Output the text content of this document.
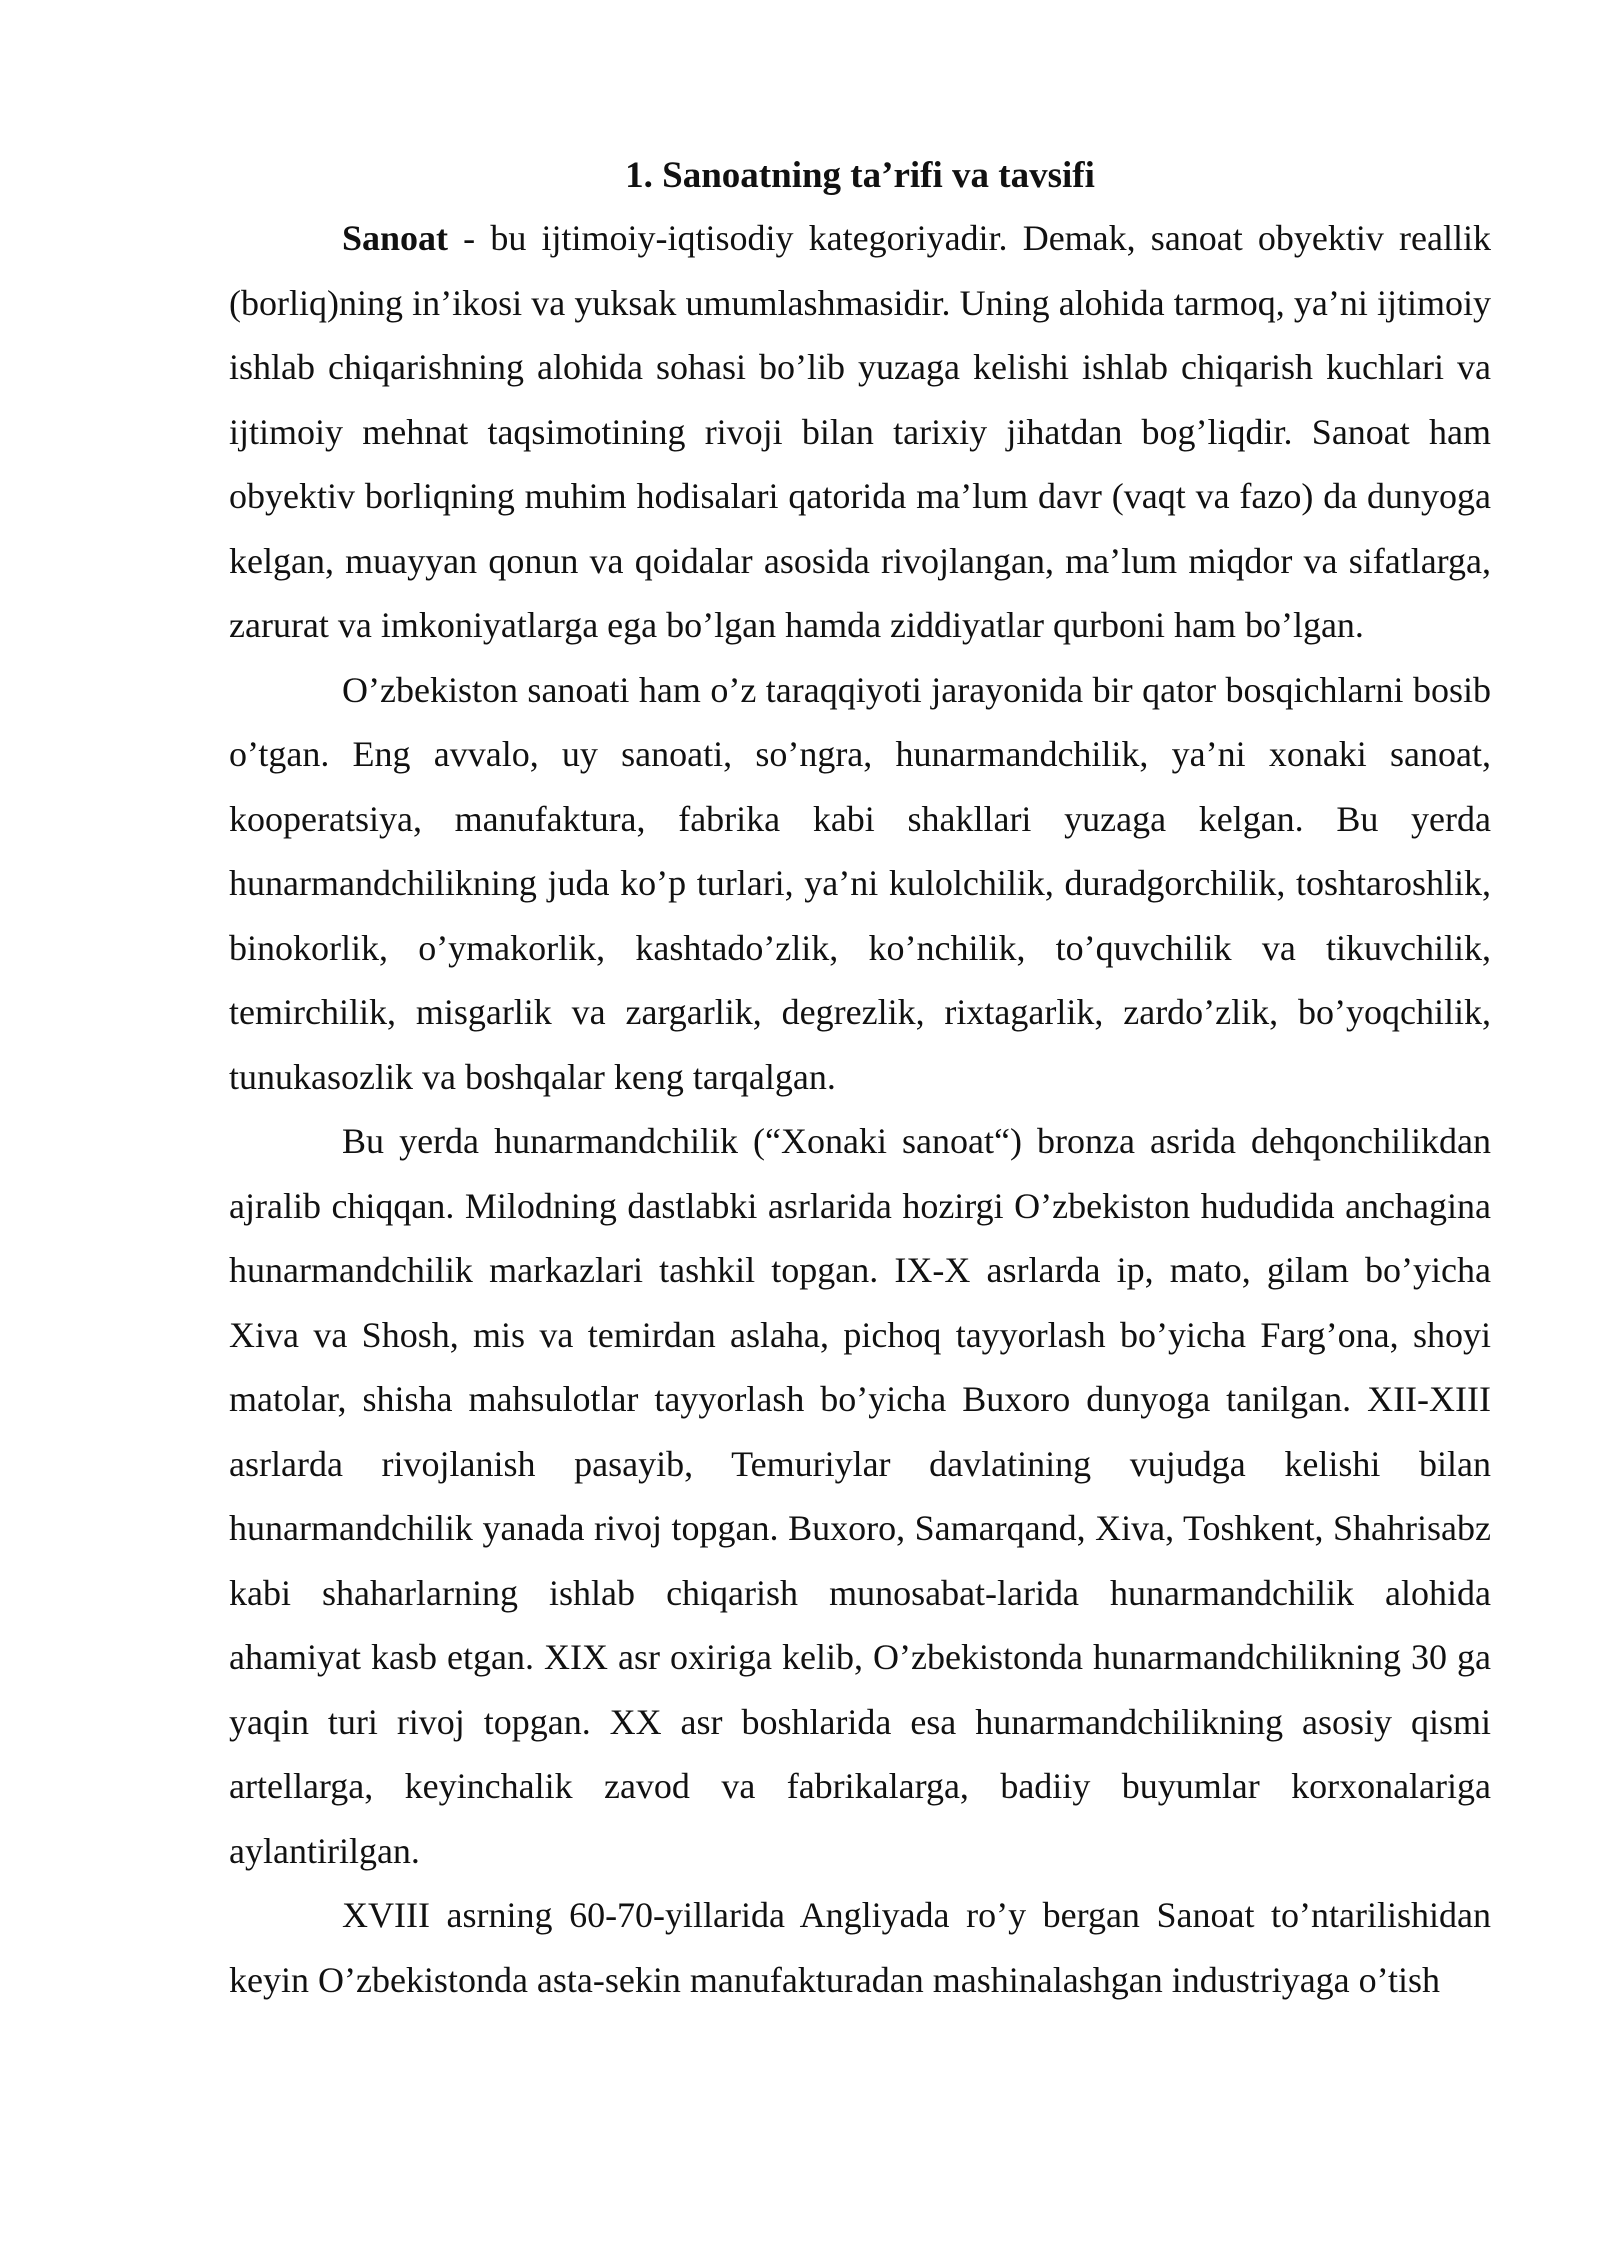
1. Sanoatning ta’rifi va tavsifi

Sanoat - bu ijtimoiy-iqtisodiy kategoriyadir. Demak, sanoat obyektiv reallik (borliq)ning in’ikosi va yuksak umumlashmasidir. Uning alohida tarmoq, ya’ni ijtimoiy ishlab chiqarishning alohida sohasi bo’lib yuzaga kelishi ishlab chiqarish kuchlari va ijtimoiy mehnat taqsimotining rivoji bilan tarixiy jihatdan bog’liqdir. Sanoat ham obyektiv borliqning muhim hodisalari qatorida ma’lum davr (vaqt va fazo) da dunyoga kelgan, muayyan qonun va qoidalar asosida rivojlangan, ma’lum miqdor va sifatlarga, zarurat va imkoniyatlarga ega bo’lgan hamda ziddiyatlar qurboni ham bo’lgan.

O’zbekiston sanoati ham o’z taraqqiyoti jarayonida bir qator bosqichlarni bosib o’tgan. Eng avvalo, uy sanoati, so’ngra, hunarmandchilik, ya’ni xonaki sanoat, kooperatsiya, manufaktura, fabrika kabi shakllari yuzaga kelgan. Bu yerda hunarmandchilikning juda ko’p turlari, ya’ni kulolchilik, duradgorchilik, toshtaroshlik, binokorlik, o’ymakorlik, kashtado’zlik, ko’nchilik, to’quvchilik va tikuvchilik, temirchilik, misgarlik va zargarlik, degrezlik, rixtagarlik, zardo’zlik, bo’yoqchilik, tunukasozlik va boshqalar keng tarqalgan.

Bu yerda hunarmandchilik (“Xonaki sanoat“) bronza asrida dehqonchilikdan ajralib chiqqan. Milodning dastlabki asrlarida hozirgi O’zbekiston hududida anchagina hunarmandchilik markazlari tashkil topgan. IX-X asrlarda ip, mato, gilam bo’yicha Xiva va Shosh, mis va temirdan aslaha, pichoq tayyorlash bo’yicha Farg’ona, shoyi matolar, shisha mahsulotlar tayyorlash bo’yicha Buxoro dunyoga tanilgan. XII-XIII asrlarda rivojlanish pasayib, Temuriylar davlatining vujudga kelishi bilan hunarmandchilik yanada rivoj topgan. Buxoro, Samarqand, Xiva, Toshkent, Shahrisabz kabi shaharlarning ishlab chiqarish munosabat-larida hunarmandchilik alohida ahamiyat kasb etgan. XIX asr oxiriga kelib, O’zbekistonda hunarmandchilikning 30 ga yaqin turi rivoj topgan. XX asr boshlarida esa hunarmandchilikning asosiy qismi artellarga, keyinchalik zavod va fabrikalarga, badiiy buyumlar korxonalariga aylantirilgan.

XVIII asrning 60-70-yillarida Angliyada ro’y bergan Sanoat to’ntarilishidan keyin O’zbekistonda asta-sekin manufakturadan mashinalashgan industriyaga o’tish
